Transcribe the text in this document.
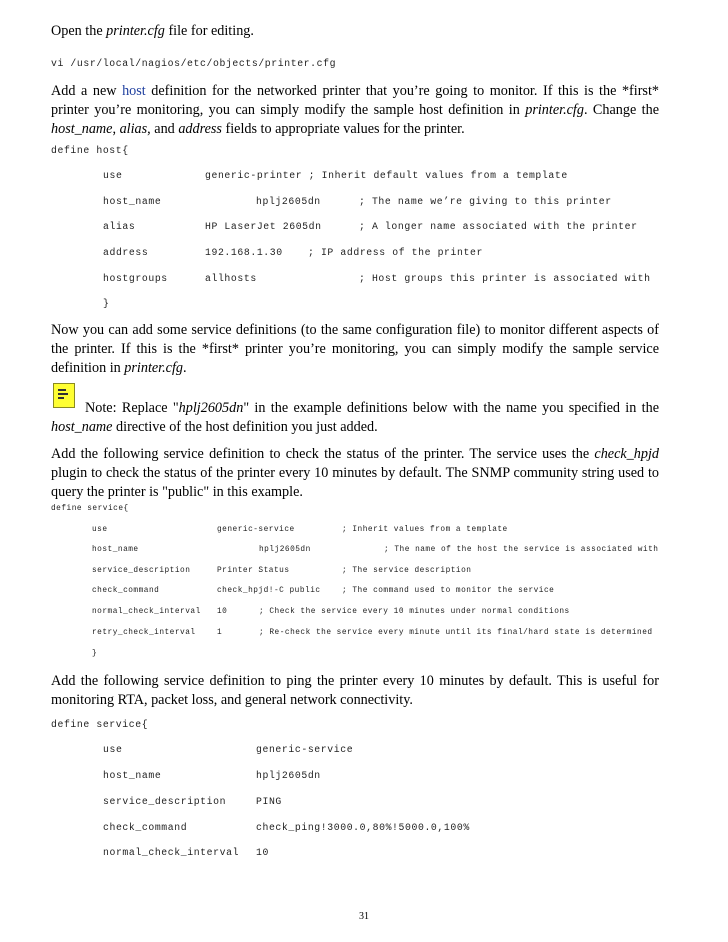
Open the printer.cfg file for editing.

vi /usr/local/nagios/etc/objects/printer.cfg

Add a new host definition for the networked printer that you’re going to monitor. If this is the *first* printer you’re monitoring, you can simply modify the sample host definition in printer.cfg. Change the host_name, alias, and address fields to appropriate values for the printer.

define host{
use	generic-printer ; Inherit default values from a template
host_name	hplj2605dn	; The name we’re giving to this printer
alias	HP LaserJet 2605dn	; A longer name associated with the printer
address	192.168.1.30	; IP address of the printer
hostgroups	allhosts	; Host groups this printer is associated with
}

Now you can add some service definitions (to the same configuration file) to monitor different aspects of the printer. If this is the *first* printer you’re monitoring, you can simply modify the sample service definition in printer.cfg.

Note: Replace "hplj2605dn" in the example definitions below with the name you specified in the host_name directive of the host definition you just added.

Add the following service definition to check the status of the printer. The service uses the check_hpjd plugin to check the status of the printer every 10 minutes by default. The SNMP community string used to query the printer is "public" in this example.

define service{
use	generic-service	; Inherit values from a template
host_name	hplj2605dn	; The name of the host the service is associated with
service_description	Printer Status	; The service description
check_command	check_hpjd!-C public	; The command used to monitor the service
normal_check_interval 10	; Check the service every 10 minutes under normal conditions
retry_check_interval	1	; Re-check the service every minute until its final/hard state is determined
}

Add the following service definition to ping the printer every 10 minutes by default. This is useful for monitoring RTA, packet loss, and general network connectivity.

define service{
use	generic-service
host_name	hplj2605dn
service_description	PING
check_command	check_ping!3000.0,80%!5000.0,100%
normal_check_interval 10
31
